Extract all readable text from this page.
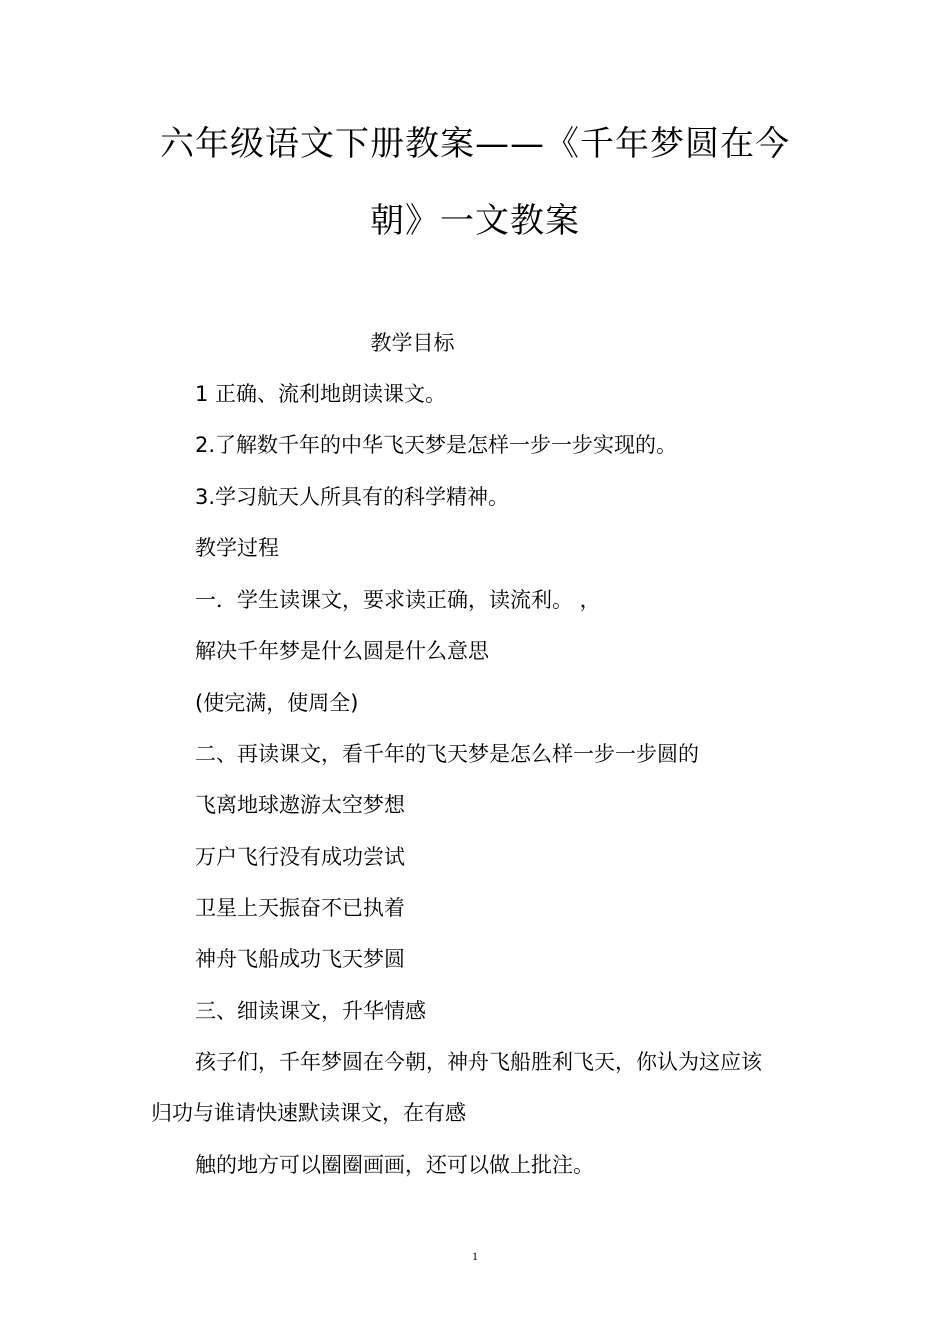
六年级语文下册教案——《千年梦圆在今
朝》一文教案
教学目标

1 正确、流利地朗读课文。

2.了解数千年的中华飞天梦是怎样一步一步实现的。

3.学习航天人所具有的科学精神。

教学过程

一．学生读课文，要求读正确，读流利。 ，

解决千年梦是什么圆是什么意思

(使完满，使周全)

二、再读课文，看千年的飞天梦是怎么样一步一步圆的

飞离地球遨游太空梦想

万户飞行没有成功尝试

卫星上天振奋不已执着

神舟飞船成功飞天梦圆

三、细读课文，升华情感

孩子们，千年梦圆在今朝，神舟飞船胜利飞天，你认为这应该

归功与谁请快速默读课文，在有感

触的地方可以圈圈画画，还可以做上批注。

1
